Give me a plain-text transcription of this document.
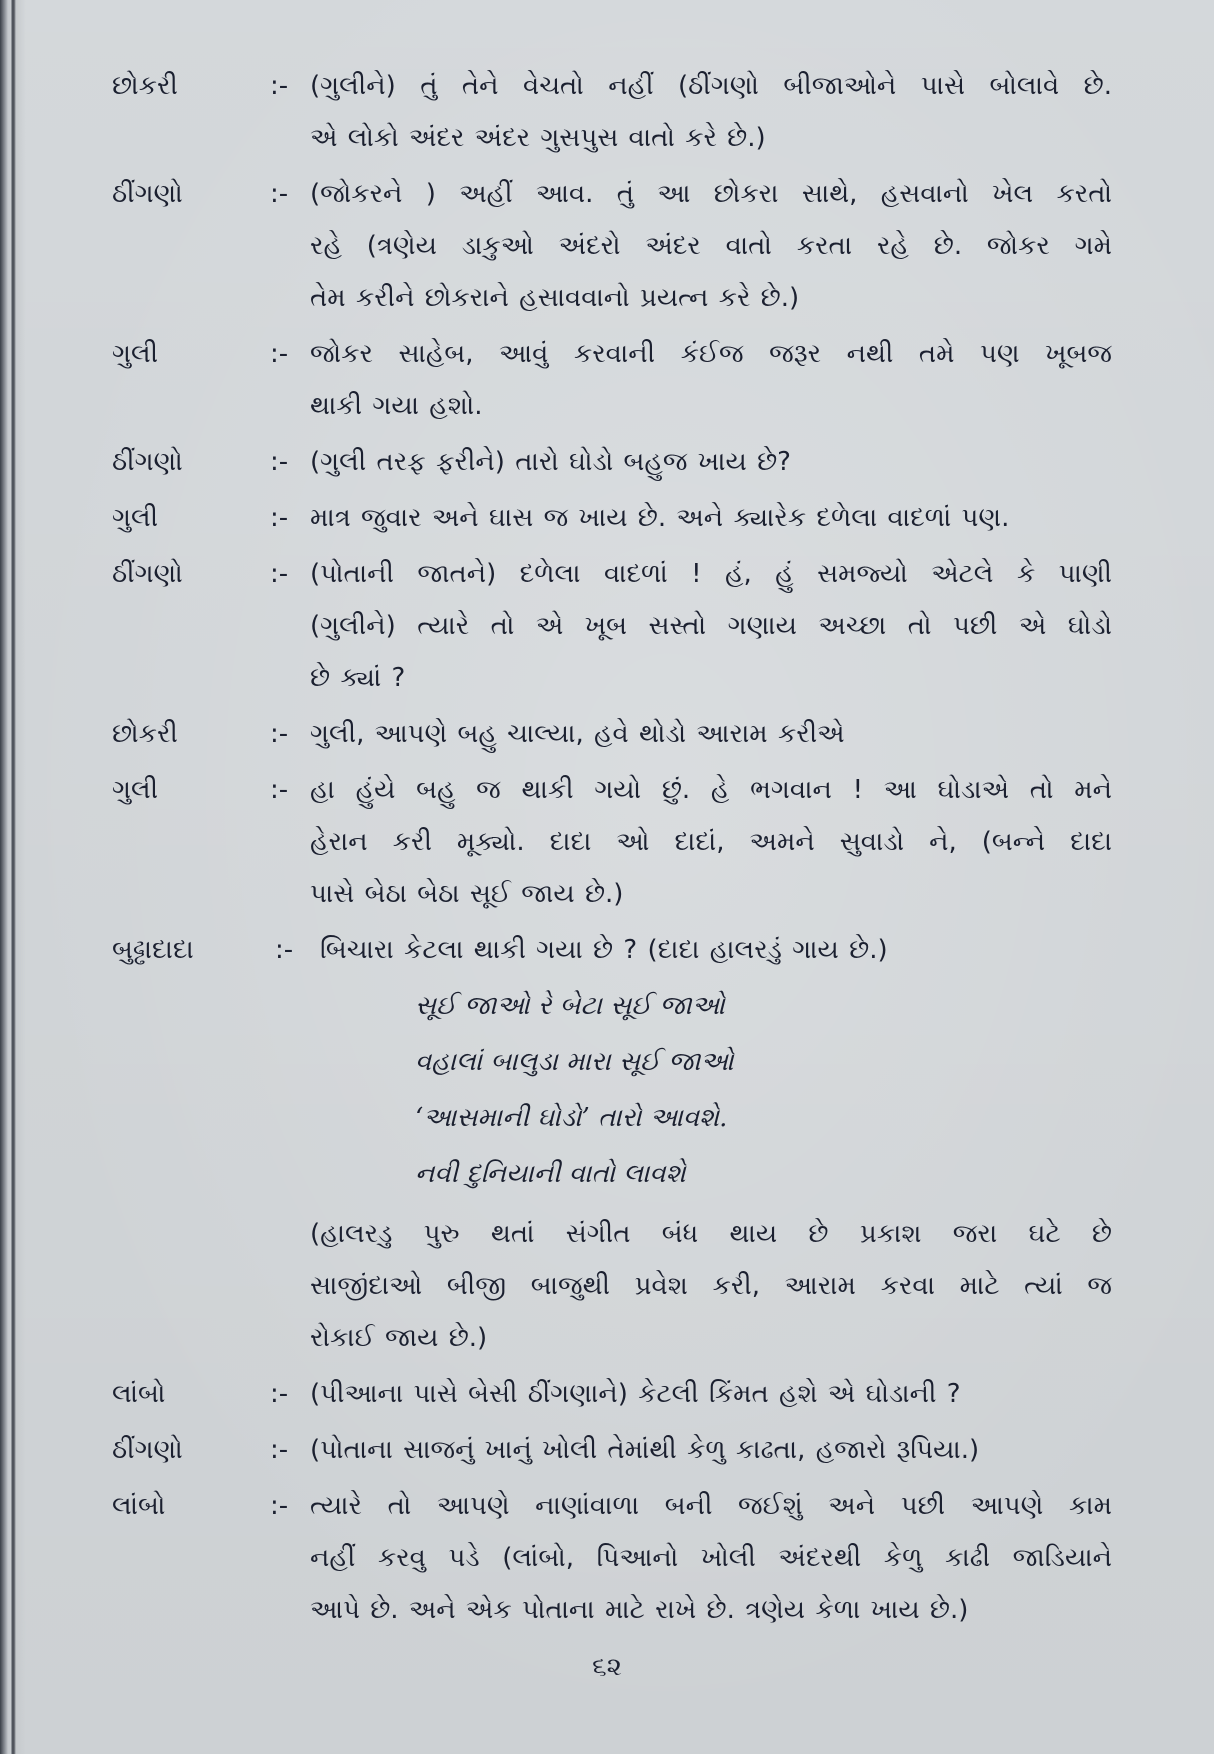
છોકરી	:- (ગુલીને) તું તેને વેચતો નહીં (ઠીંગણો બીજાઓને પાસે બોલાવે છે.
એ લોકો અંદર અંદર ગુસપુસ વાતો કરે છે.)
ઠીંગણો	:- (જોકરને ) અહીં આવ. તું આ છોકરા સાથે, હસવાનો ખેલ કરતો
રહે (ત્રણેય ડાકુઓ અંદરો અંદર વાતો કરતા રહે છે. જોકર ગમે
તેમ કરીને છોકરાને હસાવવાનો પ્રયત્ન કરે છે.)
ગુલી	:- જોકર સાહેબ, આવું કરવાની કંઈજ જરૂર નથી તમે પણ ખૂબજ
થાકી ગયા હશો.
ઠીંગણો	:- (ગુલી તરફ ફરીને) તારો ઘોડો બહુજ ખાય છે?
ગુલી	:- માત્ર જુવાર અને ઘાસ જ ખાય છે. અને ક્યારેક દળેલા વાદળાં પણ.
ઠીંગણો	:- (પોતાની જાતને) દળેલા વાદળાં ! હં, હું સમજ્યો એટલે કે પાણી
(ગુલીને) ત્યારે તો એ ખૂબ સસ્તો ગણાય અચ્છા તો પછી એ ઘોડો
છે ક્યાં ?
છોકરી	:- ગુલી, આપણે બહુ ચાલ્યા, હવે થોડો આરામ કરીએ
ગુલી	:- હા હુંયે બહુ જ થાકી ગયો છું. હે ભગવાન ! આ ઘોડાએ તો મને
હેરાન કરી મૂક્યો. દાદા ઓ દાદાં, અમને સુવાડો ને, (બન્ને દાદા
પાસે બેઠા બેઠા સૂઈ જાય છે.)
બુઢ્ઢાદાદા	:-	બિચારા કેટલા થાકી ગયા છે ? (દાદા હાલરડું ગાય છે.)
સૂઈ જાઓ રે બેટા સૂઈ જાઓ
વહાલાં બાલુડા મારા સૂઈ જાઓ
‘આસમાની ઘોડો’ તારો આવશે.
નવી દુનિયાની વાતો લાવશે
(હાલરડુ પુરુ થતાં સંગીત બંધ થાય છે પ્રકાશ જરા ઘટે છે
સાજીંદાઓ બીજી બાજુથી પ્રવેશ કરી, આરામ કરવા માટે ત્યાં જ
રોકાઈ જાય છે.)
લાંબો	:- (પીઆના પાસે બેસી ઠીંગણાને) કેટલી કિંમત હશે એ ઘોડાની ?
ઠીંગણો	:- (પોતાના સાજનું ખાનું ખોલી તેમાંથી કેળુ કાઢતા, હજારો રૂપિયા.)
લાંબો	:- ત્યારે તો આપણે નાણાંવાળા બની જઈશું અને પછી આપણે કામ
નહીં કરવુ પડે (લાંબો, પિઆનો ખોલી અંદરથી કેળુ કાઢી જાડિયાને
આપે છે. અને એક પોતાના માટે રાખે છે. ત્રણેય કેળા ખાય છે.)
૬૨
